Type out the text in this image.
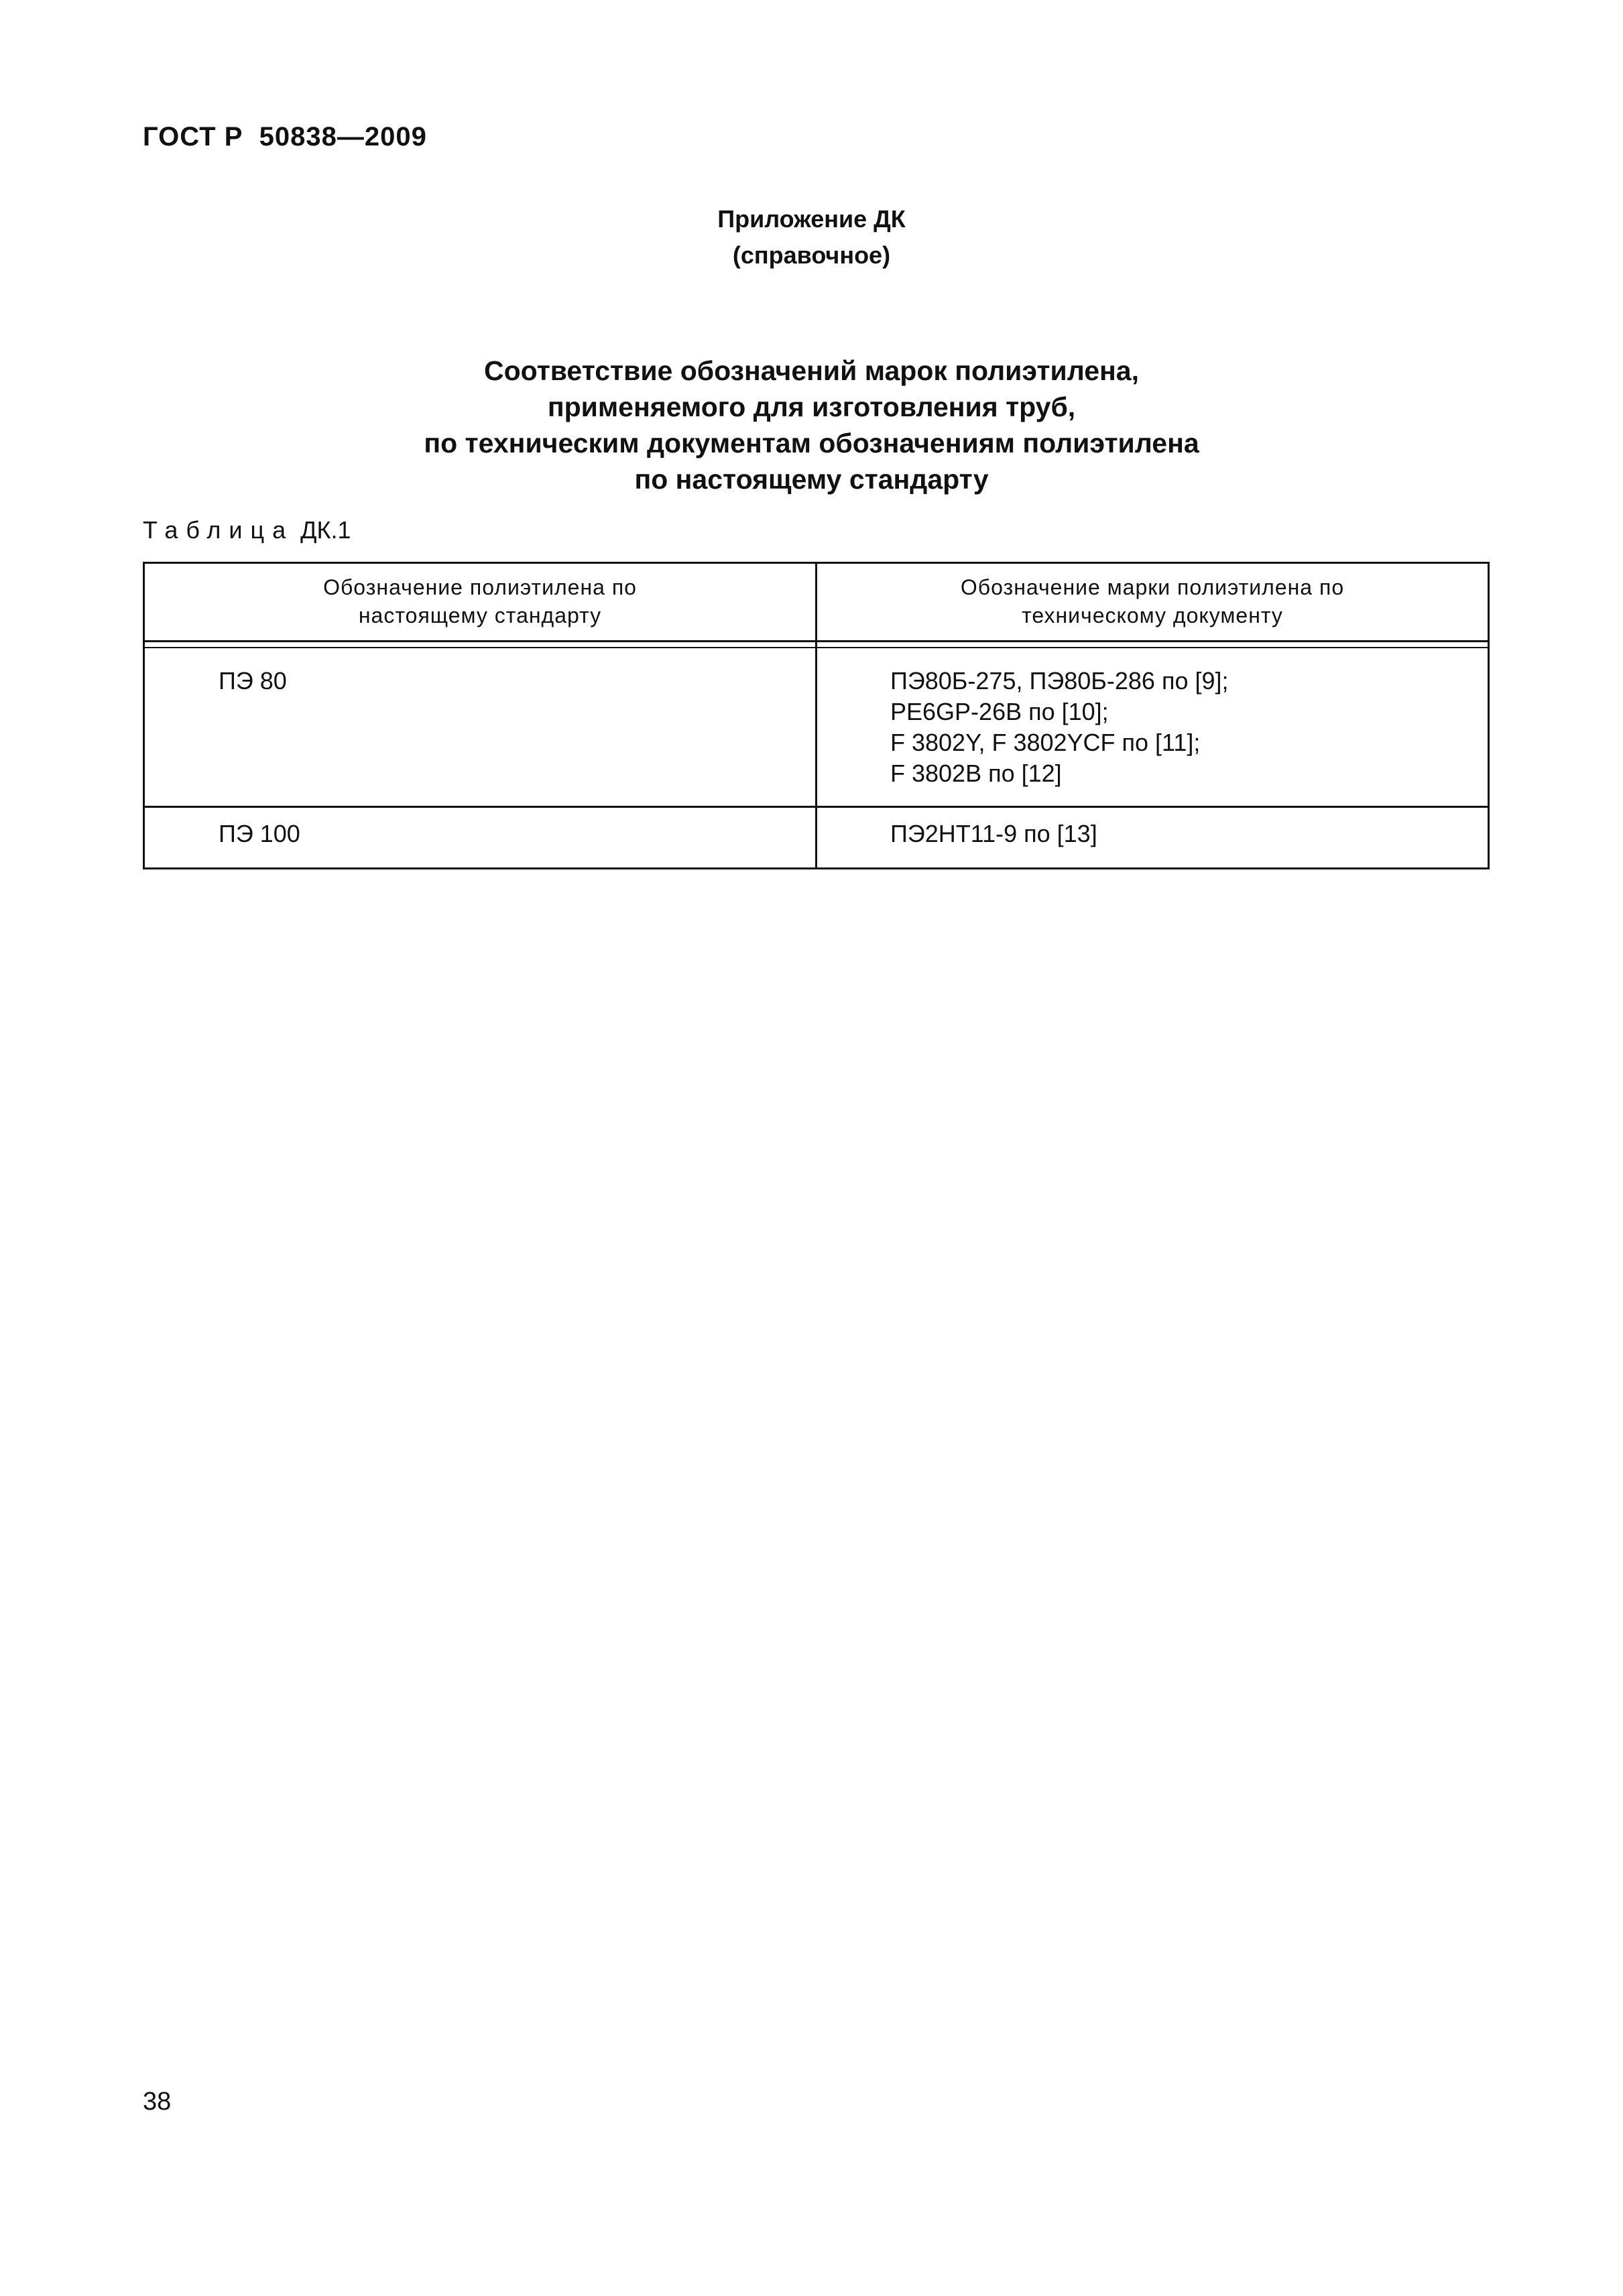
ГОСТ Р  50838—2009
Приложение ДК
(справочное)
Соответствие обозначений марок полиэтилена,
применяемого для изготовления труб,
по техническим документам обозначениям полиэтилена
по настоящему стандарту
Таблица ДК.1
Обозначение полиэтилена по
настоящему стандарту
Обозначение марки полиэтилена по
техническому документу
ПЭ 80	ПЭ80Б-275, ПЭ80Б-286 по [9];
PE6GP-26B по [10];
F 3802Y, F 3802YCF по [11];
F 3802B по [12]
ПЭ 100	ПЭ2НТ11-9 по [13]
38
